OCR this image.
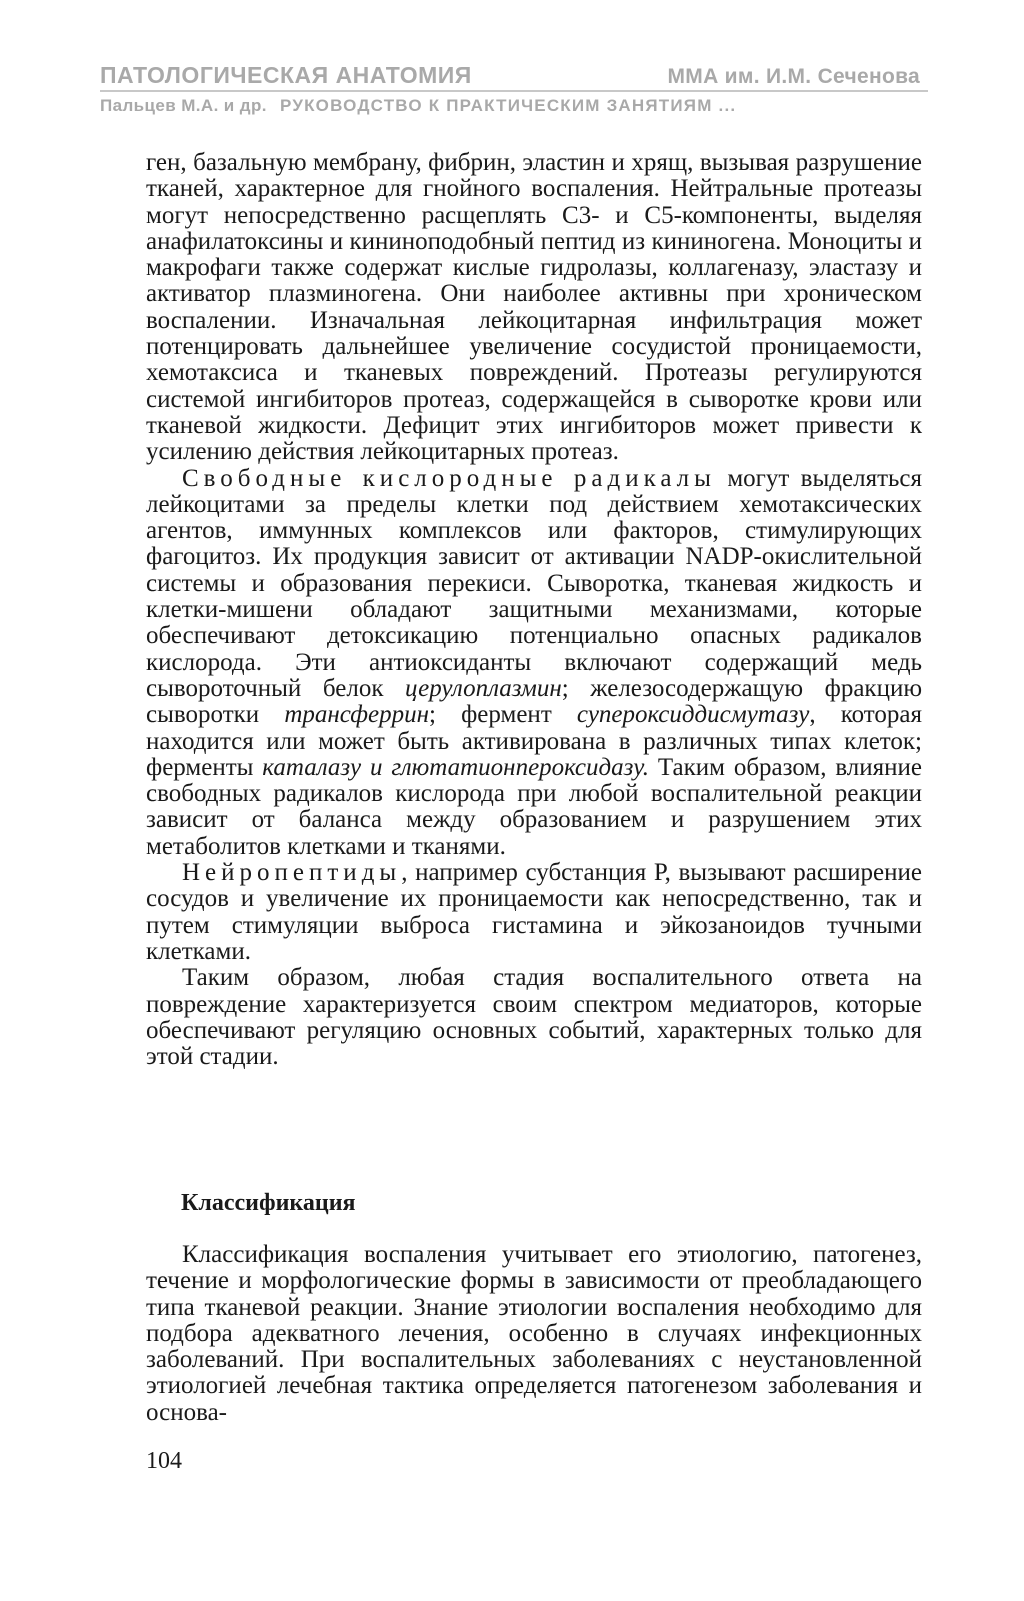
ПАТОЛОГИЧЕСКАЯ АНАТОМИЯ	ММА им. И.М. Сеченова
Пальцев М.А. и др. РУКОВОДСТВО К ПРАКТИЧЕСКИМ ЗАНЯТИЯМ ...

ген, базальную мембрану, фибрин, эластин и хрящ, вызывая разрушение тканей, характерное для гнойного воспаления. Нейтральные протеазы могут непосредственно расщеплять С3- и С5-компоненты, выделяя анафилатоксины и кининоподобный пептид из кининогена. Моноциты и макрофаги также содержат кислые гидролазы, коллагеназу, эластазу и активатор плазминогена. Они наиболее активны при хроническом воспалении. Изначальная лейкоцитарная инфильтрация может потенцировать дальнейшее увеличение сосудистой проницаемости, хемотаксиса и тканевых повреждений. Протеазы регулируются системой ингибиторов протеаз, содержащейся в сыворотке крови или тканевой жидкости. Дефицит этих ингибиторов может привести к усилению действия лейкоцитарных протеаз.

Свободные кислородные радикалы могут выделяться лейкоцитами за пределы клетки под действием хемотаксических агентов, иммунных комплексов или факторов, стимулирующих фагоцитоз. Их продукция зависит от активации NADP-окислительной системы и образования перекиси. Сыворотка, тканевая жидкость и клетки-мишени обладают защитными механизмами, которые обеспечивают детоксикацию потенциально опасных радикалов кислорода. Эти антиоксиданты включают содержащий медь сывороточный белок церулоплазмин; железосодержащую фракцию сыворотки трансферрин; фермент супероксиддисмутазу, которая находится или может быть активирована в различных типах клеток; ферменты каталазу и глютатионпероксидазу. Таким образом, влияние свободных радикалов кислорода при любой воспалительной реакции зависит от баланса между образованием и разрушением этих метаболитов клетками и тканями.

Нейропептиды, например субстанция Р, вызывают расширение сосудов и увеличение их проницаемости как непосредственно, так и путем стимуляции выброса гистамина и эйкозаноидов тучными клетками.

Таким образом, любая стадия воспалительного ответа на повреждение характеризуется своим спектром медиаторов, которые обеспечивают регуляцию основных событий, характерных только для этой стадии.

Классификация

Классификация воспаления учитывает его этиологию, патогенез, течение и морфологические формы в зависимости от преобладающего типа тканевой реакции. Знание этиологии воспаления необходимо для подбора адекватного лечения, особенно в случаях инфекционных заболеваний. При воспалительных заболеваниях с неустановленной этиологией лечебная тактика определяется патогенезом заболевания и основа-

104
